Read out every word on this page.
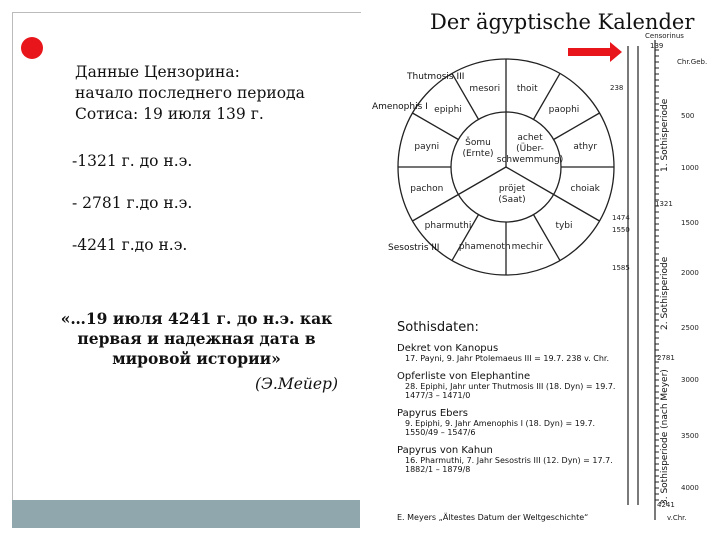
Данные Цензорина:
начало последнего периода
Сотиса: 19 июля 139 г.
-1321 г. до н.э.
- 2781 г.до н.э.
-4241 г.до н.э.
«…19 июля 4241 г. до н.э. как
первая и надежная дата в
мировой истории»
(Э.Мейер)
Der ägyptische Kalender
thoit
paophi
athyr
choiak
tybi
mechir
phamenoth
pharmuthi
pachon
payni
epiphi
mesori
achet
(Über-
schwemmung)
pröjet
(Saat)
Šomu
(Ernte)
139
Censorinus
Chr.Geb.
238
500
1000
1321
1474
1550
1500
2000
1585
2500
2781
3000
3500
4000
4241
v.Chr.
Thutmosis III
Amenophis I
Sesostris III
1. Sothisperiode
2. Sothisperiode
3. Sothisperiode (nach Meyer)
Sothisdaten:
Dekret von Kanopus
17. Payni, 9. Jahr Ptolemaeus III = 19.7. 238 v. Chr.
Opferliste von Elephantine
28. Epiphi, Jahr unter Thutmosis III (18. Dyn) = 19.7. 1477/3 – 1471/0
Papyrus Ebers
9. Epiphi, 9. Jahr Amenophis I (18. Dyn) = 19.7. 1550/49 – 1547/6
Papyrus von Kahun
16. Pharmuthi, 7. Jahr Sesostris III (12. Dyn) = 17.7. 1882/1 – 1879/8
E. Meyers „Ältestes Datum der Weltgeschichte“
